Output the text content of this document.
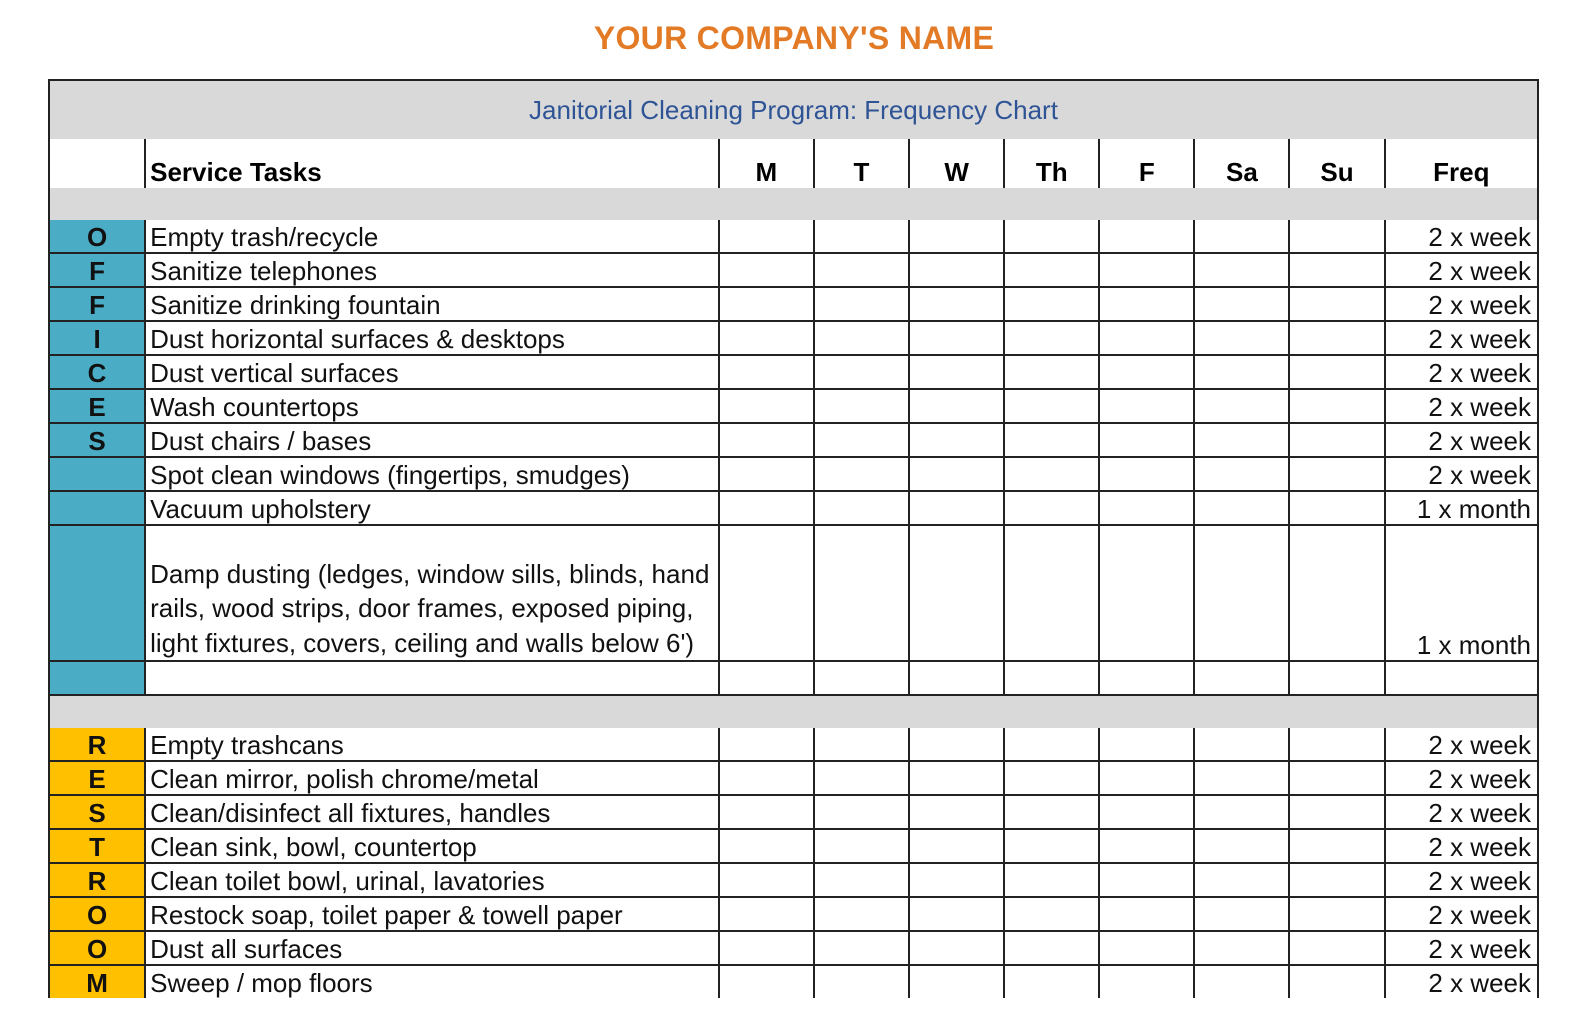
YOUR COMPANY'S NAME
Janitorial Cleaning Program: Frequency Chart									
	Service Tasks	M	T	W	Th	F	Sa	Su	Freq

O	Empty trash/recycle								2 x week
F	Sanitize telephones								2 x week
F	Sanitize drinking fountain								2 x week
I	Dust horizontal surfaces & desktops								2 x week
C	Dust vertical surfaces								2 x week
E	Wash countertops								2 x week
S	Dust chairs / bases								2 x week
	Spot clean windows (fingertips, smudges)								2 x week
	Vacuum upholstery								1 x month
	Damp dusting (ledges, window sills, blinds, hand rails, wood strips, door frames, exposed piping, light fixtures, covers, ceiling and walls below 6')								1 x month

R	Empty trashcans								2 x week
E	Clean mirror, polish chrome/metal								2 x week
S	Clean/disinfect all fixtures, handles								2 x week
T	Clean sink, bowl, countertop								2 x week
R	Clean toilet bowl, urinal, lavatories								2 x week
O	Restock soap, toilet paper & towell paper								2 x week
O	Dust all surfaces								2 x week
M	Sweep / mop floors								2 x week
